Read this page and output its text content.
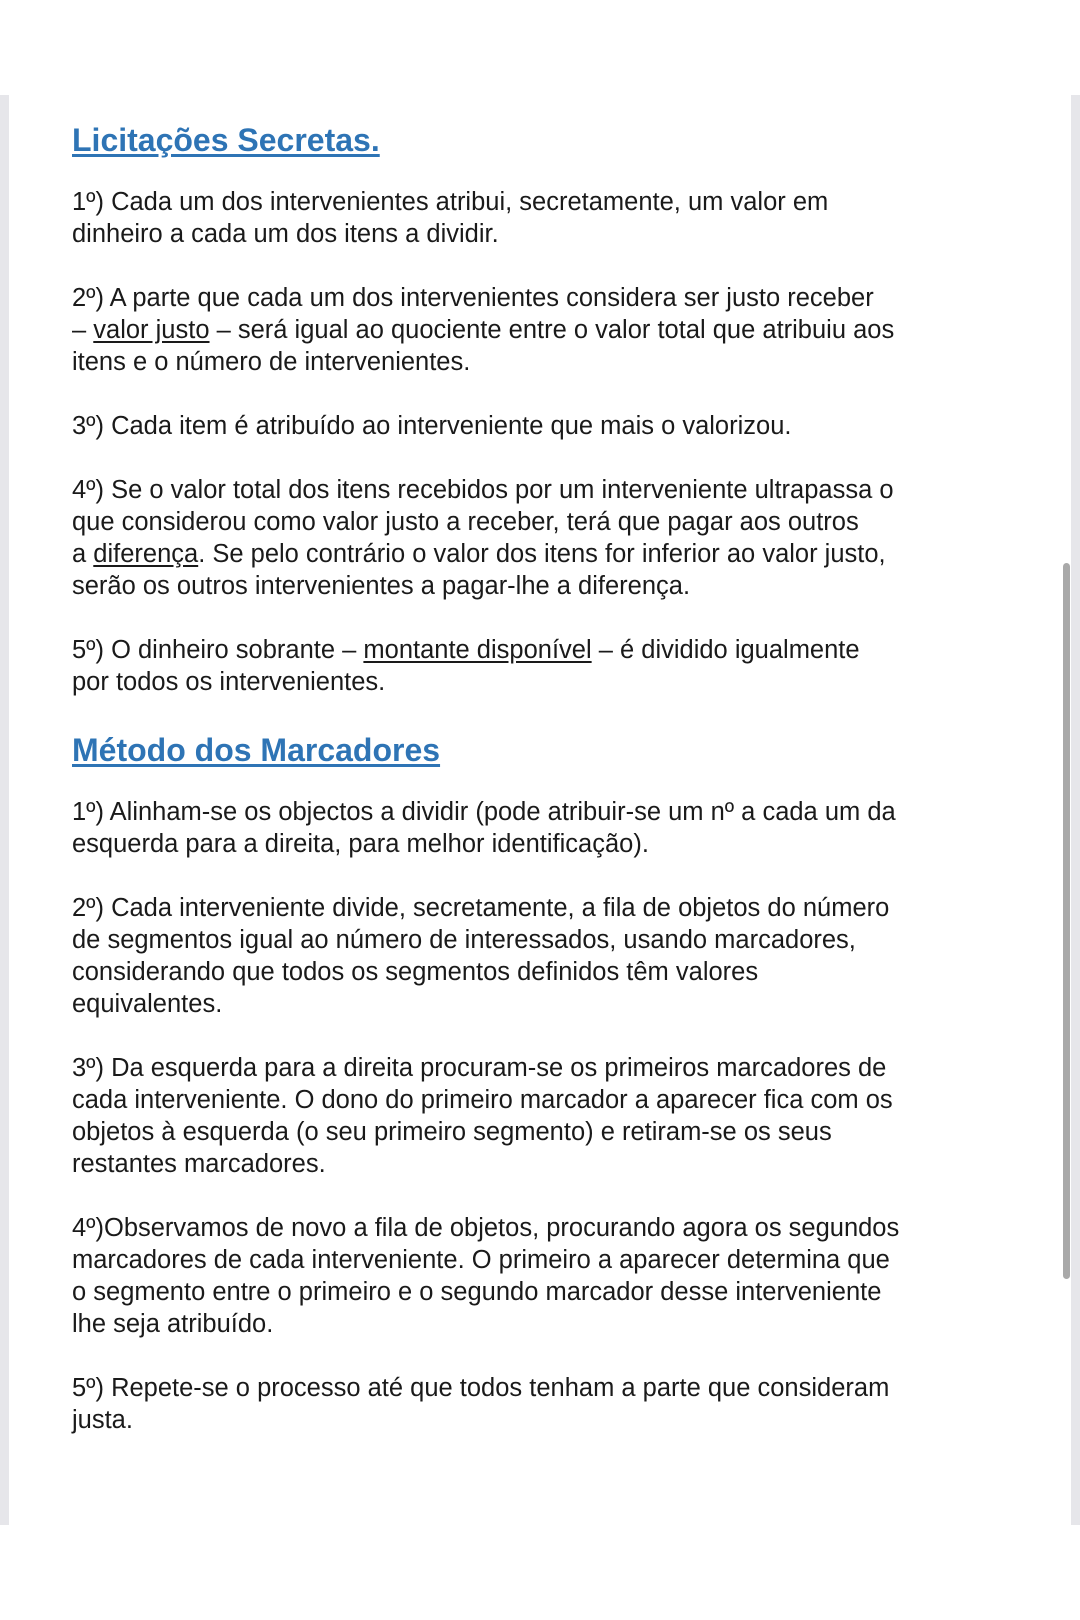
Licitações Secretas.

1º) Cada um dos intervenientes atribui, secretamente, um valor em
dinheiro a cada um dos itens a dividir.

2º) A parte que cada um dos intervenientes considera ser justo receber
– valor justo – será igual ao quociente entre o valor total que atribuiu aos
itens e o número de intervenientes.

3º) Cada item é atribuído ao interveniente que mais o valorizou.

4º) Se o valor total dos itens recebidos por um interveniente ultrapassa o
que considerou como valor justo a receber, terá que pagar aos outros
a diferença. Se pelo contrário o valor dos itens for inferior ao valor justo,
serão os outros intervenientes a pagar-lhe a diferença.

5º) O dinheiro sobrante – montante disponível – é dividido igualmente
por todos os intervenientes.

Método dos Marcadores

1º) Alinham-se os objectos a dividir (pode atribuir-se um nº a cada um da
esquerda para a direita, para melhor identificação).

2º) Cada interveniente divide, secretamente, a fila de objetos do número
de segmentos igual ao número de interessados, usando marcadores,
considerando que todos os segmentos definidos têm valores
equivalentes.

3º) Da esquerda para a direita procuram-se os primeiros marcadores de
cada interveniente. O dono do primeiro marcador a aparecer fica com os
objetos à esquerda (o seu primeiro segmento) e retiram-se os seus
restantes marcadores.

4º)Observamos de novo a fila de objetos, procurando agora os segundos
marcadores de cada interveniente. O primeiro a aparecer determina que
o segmento entre o primeiro e o segundo marcador desse interveniente
lhe seja atribuído.

5º) Repete-se o processo até que todos tenham a parte que consideram
justa.
